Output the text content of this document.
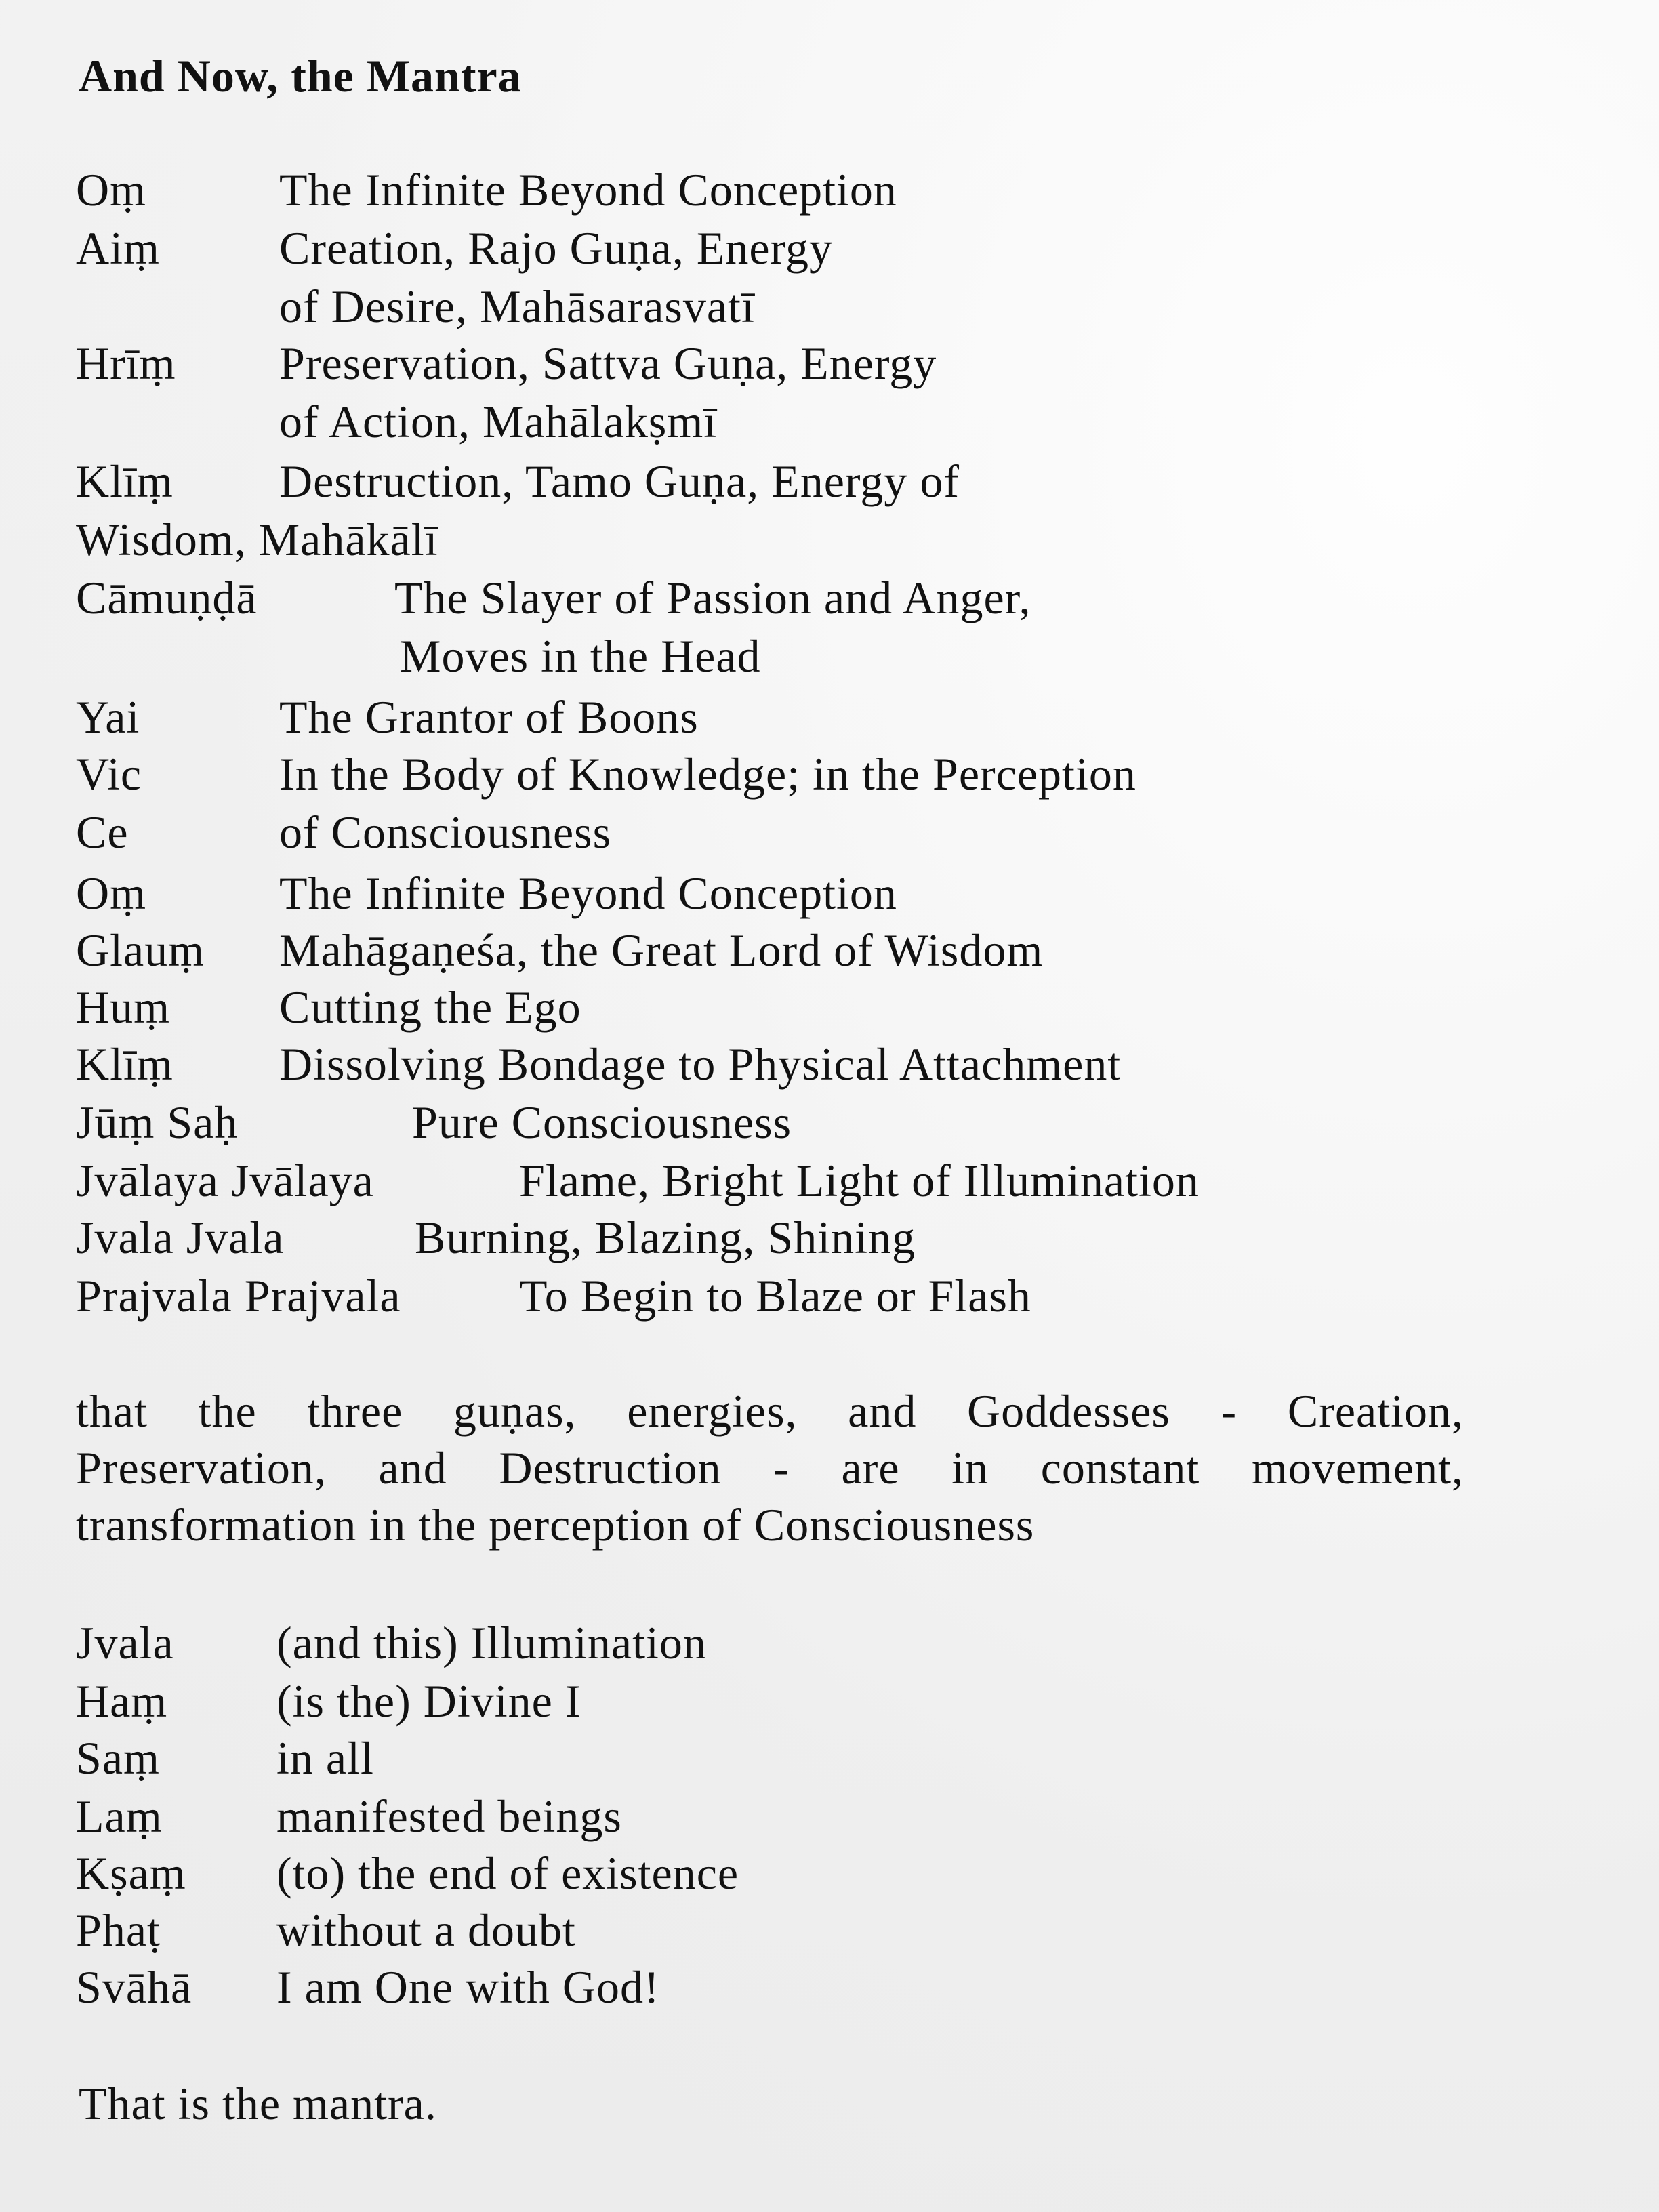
And Now, the Mantra
Oṃ	The Infinite Beyond Conception
Aiṃ	Creation, Rajo Guṇa, Energy
of Desire, Mahāsarasvatī
Hrīṃ Preservation, Sattva Guṇa, Energy
of Action, Mahālakṣmī
Klīṃ Destruction, Tamo Guṇa, Energy of
Wisdom, Mahākālī
Cāmuṇḍā	The Slayer of Passion and Anger,
Moves in the Head
Yai	The Grantor of Boons
Vic	In the Body of Knowledge; in the Perception
Ce	of Consciousness
Oṃ	The Infinite Beyond Conception
Glauṃ Mahāgaṇeśa, the Great Lord of Wisdom
Huṃ Cutting the Ego
Klīṃ Dissolving Bondage to Physical Attachment
Jūṃ Saḥ	Pure Consciousness
Jvālaya Jvālaya	Flame, Bright Light of Illumination
Jvala Jvala	Burning, Blazing, Shining
Prajvala Prajvala	To Begin to Blaze or Flash
that the three guṇas, energies, and Goddesses - Creation,
Preservation, and Destruction - are in constant movement,
transformation in the perception of Consciousness
Jvala (and this) Illumination
Haṃ (is the) Divine I
Saṃ	in all
Laṃ manifested beings
Kṣaṃ (to) the end of existence
Phaṭ	without a doubt
Svāhā I am One with God!
That is the mantra.
